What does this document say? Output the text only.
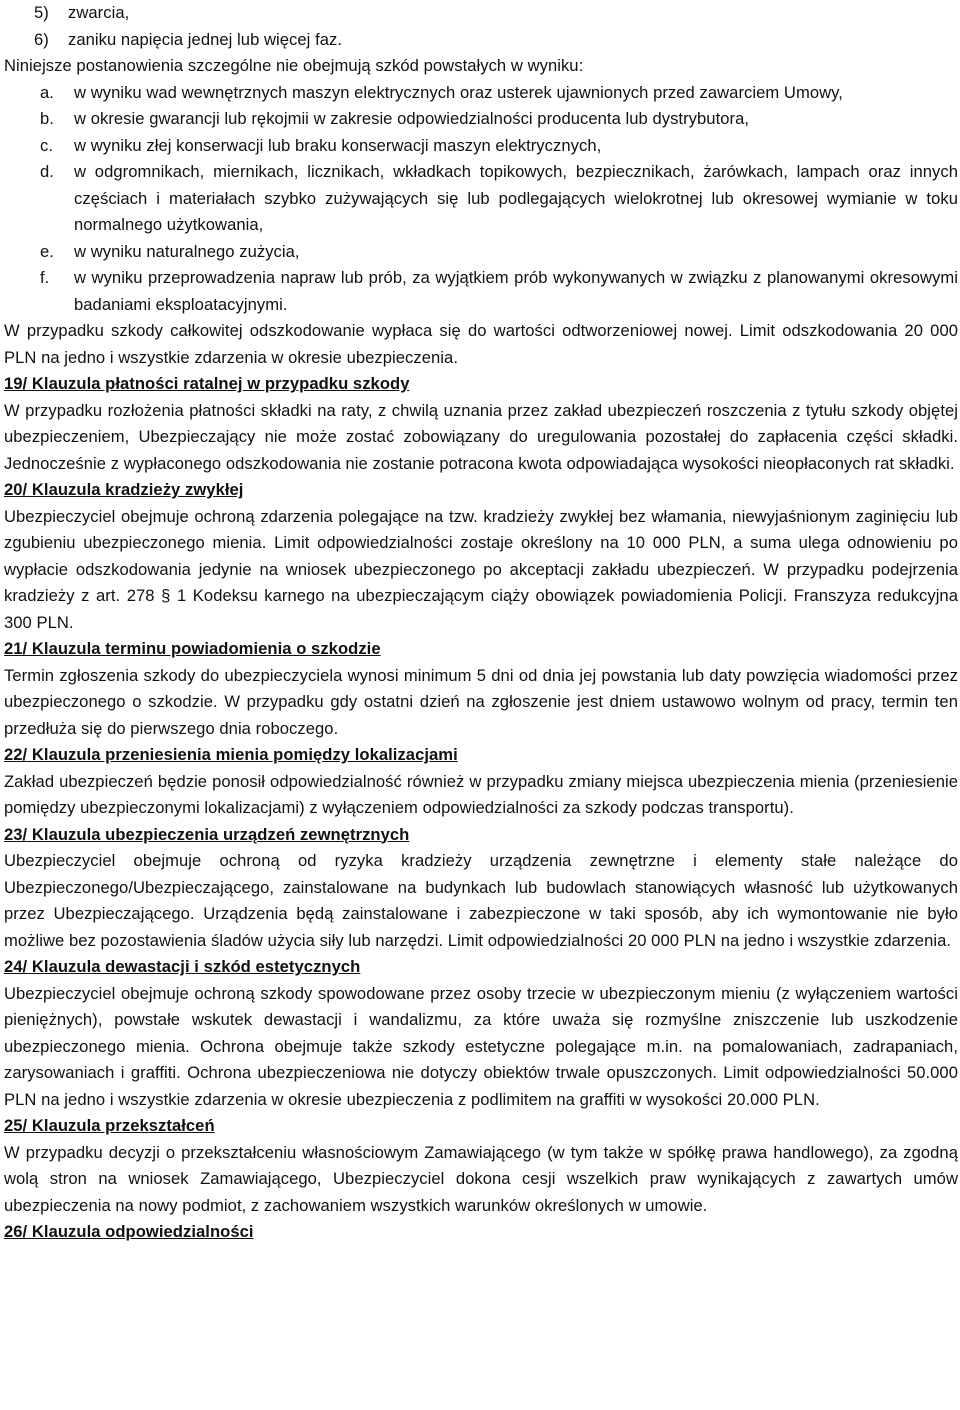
5)	zwarcia,
6)	zaniku napięcia jednej lub więcej faz.
Niniejsze postanowienia szczególne nie obejmują szkód powstałych w wyniku:
a.	w wyniku wad wewnętrznych maszyn elektrycznych oraz usterek ujawnionych przed zawarciem Umowy,
b.	w okresie gwarancji lub rękojmii w zakresie odpowiedzialności producenta lub dystrybutora,
c.	w wyniku złej konserwacji lub braku konserwacji maszyn elektrycznych,
d.	w odgromnikach, miernikach, licznikach, wkładkach topikowych, bezpiecznikach, żarówkach, lampach oraz innych częściach i materiałach szybko zużywających się lub podlegających wielokrotnej lub okresowej wymianie w toku normalnego użytkowania,
e.	w wyniku naturalnego zużycia,
f.	w wyniku przeprowadzenia napraw lub prób, za wyjątkiem prób wykonywanych w związku z planowanymi okresowymi badaniami eksploatacyjnymi.
W przypadku szkody całkowitej odszkodowanie wypłaca się do wartości odtworzeniowej nowej. Limit odszkodowania 20 000 PLN na jedno i wszystkie zdarzenia w okresie ubezpieczenia.
19/ Klauzula płatności ratalnej w przypadku szkody
W przypadku rozłożenia płatności składki na raty, z chwilą uznania przez zakład ubezpieczeń roszczenia z tytułu szkody objętej ubezpieczeniem, Ubezpieczający nie może zostać zobowiązany do uregulowania pozostałej do zapłacenia części składki. Jednocześnie z wypłaconego odszkodowania nie zostanie potracona kwota odpowiadająca wysokości nieopłaconych rat składki.
20/ Klauzula kradzieży zwykłej
Ubezpieczyciel obejmuje ochroną zdarzenia polegające na tzw. kradzieży zwykłej bez włamania, niewyjaśnionym zaginięciu lub zgubieniu ubezpieczonego mienia. Limit odpowiedzialności zostaje określony na 10 000 PLN, a suma ulega odnowieniu po wypłacie odszkodowania jedynie na wniosek ubezpieczonego po akceptacji zakładu ubezpieczeń. W przypadku podejrzenia kradzieży z art. 278 § 1 Kodeksu karnego na ubezpieczającym ciąży obowiązek powiadomienia Policji. Franszyza redukcyjna 300 PLN.
21/ Klauzula terminu powiadomienia o szkodzie
Termin zgłoszenia szkody do ubezpieczyciela wynosi minimum 5 dni od dnia jej powstania lub daty powzięcia wiadomości przez ubezpieczonego o szkodzie. W przypadku gdy ostatni dzień na zgłoszenie jest dniem ustawowo wolnym od pracy, termin ten przedłuża się do pierwszego dnia roboczego.
22/ Klauzula przeniesienia mienia pomiędzy lokalizacjami
Zakład ubezpieczeń będzie ponosił odpowiedzialność również w przypadku zmiany miejsca ubezpieczenia mienia (przeniesienie pomiędzy ubezpieczonymi lokalizacjami) z wyłączeniem odpowiedzialności za szkody podczas transportu).
23/ Klauzula ubezpieczenia urządzeń zewnętrznych
Ubezpieczyciel obejmuje ochroną od ryzyka kradzieży urządzenia zewnętrzne i elementy stałe należące do Ubezpieczonego/Ubezpieczającego, zainstalowane na budynkach lub budowlach stanowiących własność lub użytkowanych przez Ubezpieczającego. Urządzenia będą zainstalowane i zabezpieczone w taki sposób, aby ich wymontowanie nie było możliwe bez pozostawienia śladów użycia siły lub narzędzi. Limit odpowiedzialności 20 000 PLN na jedno i wszystkie zdarzenia.
24/ Klauzula dewastacji i szkód estetycznych
Ubezpieczyciel obejmuje ochroną szkody spowodowane przez osoby trzecie w ubezpieczonym mieniu (z wyłączeniem wartości pieniężnych), powstałe wskutek dewastacji i wandalizmu, za które uważa się rozmyślne zniszczenie lub uszkodzenie ubezpieczonego mienia. Ochrona obejmuje także szkody estetyczne polegające m.in. na pomalowaniach, zadrapaniach, zarysowaniach i graffiti. Ochrona ubezpieczeniowa nie dotyczy obiektów trwale opuszczonych. Limit odpowiedzialności 50.000 PLN na jedno i wszystkie zdarzenia w okresie ubezpieczenia z podlimitem na graffiti w wysokości 20.000 PLN.
25/ Klauzula przekształceń
W przypadku decyzji o przekształceniu własnościowym Zamawiającego (w tym także w spółkę prawa handlowego), za zgodną wolą stron na wniosek Zamawiającego, Ubezpieczyciel dokona cesji wszelkich praw wynikających z zawartych umów ubezpieczenia na nowy podmiot, z zachowaniem wszystkich warunków określonych w umowie.
26/ Klauzula odpowiedzialności
